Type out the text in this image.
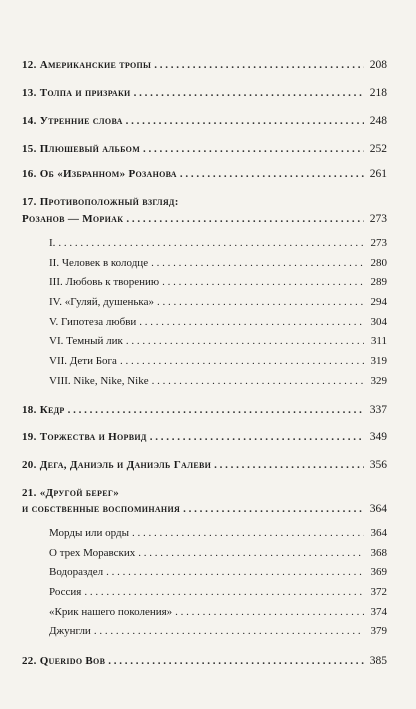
12. Американские тропы . . .	208
13. Толпа и призраки . . .	218
14. Утренние слова . . .	248
15. Плюшевый альбом . . .	252
16. Об «Избранном» Розанова . . .	261
17. Противоположный взгляд:
Розанов — Мориак . . .	273
I. . . .	273
II. Человек в колодце . . .	280
III. Любовь к творению . . .	289
IV. «Гуляй, душенька» . . .	294
V. Гипотеза любви . . .	304
VI. Темный лик . . .	311
VII. Дети Бога . . .	319
VIII. Nike, Nike, Nike . . .	329
18. Кедр . . .	337
19. Торжества и Норвид . . .	349
20. Дега, Даниэль и Даниэль Галеви . . .	356
21. «Другой берег»
и собственные воспоминания . . .	364
Морды или орды . . .	364
О трех Моравских . . .	368
Водораздел . . .	369
Россия . . .	372
«Крик нашего поколения» . . .	374
Джунгли . . .	379
22. Querido Bob . . .	385
